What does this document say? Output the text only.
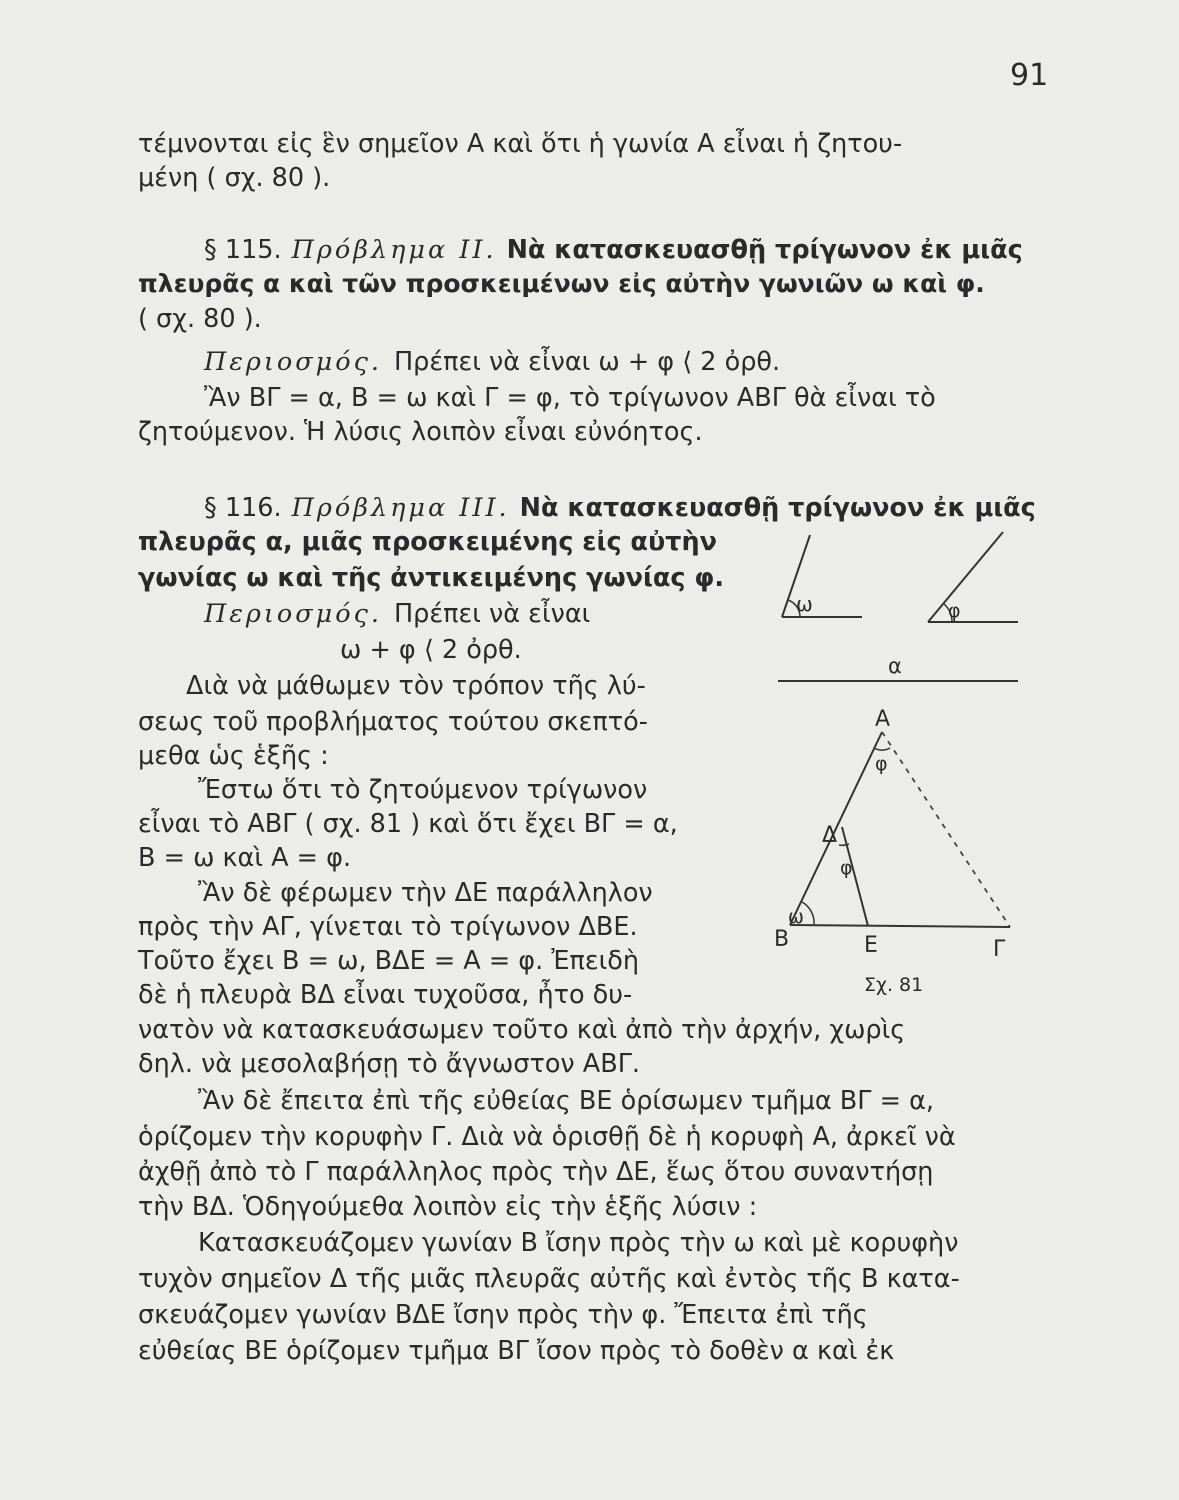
91
τέμνονται εἰς ἓν σημεῖον Α καὶ ὅτι ἡ γωνία Α εἶναι ἡ ζητου-
μένη ( σχ. 80 ).
§ 115. Πρόβλημα II. Νὰ κατασκευασθῇ τρίγωνον ἐκ μιᾶς
πλευρᾶς α καὶ τῶν προσκειμένων εἰς αὐτὴν γωνιῶν ω καὶ φ.
( σχ. 80 ).
Περιοσμός. Πρέπει νὰ εἶναι ω + φ ⟨ 2 ὀρθ.
Ἂν ΒΓ = α, Β = ω καὶ Γ = φ, τὸ τρίγωνον ΑΒΓ θὰ εἶναι τὸ
ζητούμενον. Ἡ λύσις λοιπὸν εἶναι εὐνόητος.
§ 116. Πρόβλημα III. Νὰ κατασκευασθῇ τρίγωνον ἐκ μιᾶς
πλευρᾶς α, μιᾶς προσκειμένης εἰς αὐτὴν
γωνίας ω καὶ τῆς ἀντικειμένης γωνίας φ.
Περιοσμός. Πρέπει νὰ εἶναι
ω + φ ⟨ 2 ὀρθ.
Διὰ νὰ μάθωμεν τὸν τρόπον τῆς λύ-
σεως τοῦ προβλήματος τούτου σκεπτό-
μεθα ὡς ἑξῆς :
Ἔστω ὅτι τὸ ζητούμενον τρίγωνον
εἶναι τὸ ΑΒΓ ( σχ. 81 ) καὶ ὅτι ἔχει ΒΓ = α,
Β = ω καὶ Α = φ.
Ἂν δὲ φέρωμεν τὴν ΔΕ παράλληλον
πρὸς τὴν ΑΓ, γίνεται τὸ τρίγωνον ΔΒΕ.
Τοῦτο ἔχει Β = ω, ΒΔΕ = Α = φ. Ἐπειδὴ
δὲ ἡ πλευρὰ ΒΔ εἶναι τυχοῦσα, ἦτο δυ-
νατὸν νὰ κατασκευάσωμεν τοῦτο καὶ ἀπὸ τὴν ἀρχήν, χωρὶς
δηλ. νὰ μεσολαβήσῃ τὸ ἄγνωστον ΑΒΓ.
Ἂν δὲ ἔπειτα ἐπὶ τῆς εὐθείας ΒΕ ὁρίσωμεν τμῆμα ΒΓ = α,
ὁρίζομεν τὴν κορυφὴν Γ. Διὰ νὰ ὁρισθῇ δὲ ἡ κορυφὴ Α, ἀρκεῖ νὰ
ἀχθῇ ἀπὸ τὸ Γ παράλληλος πρὸς τὴν ΔΕ, ἕως ὅτου συναντήσῃ
τὴν ΒΔ. Ὁδηγούμεθα λοιπὸν εἰς τὴν ἑξῆς λύσιν :
Κατασκευάζομεν γωνίαν Β ἴσην πρὸς τὴν ω καὶ μὲ κορυφὴν
τυχὸν σημεῖον Δ τῆς μιᾶς πλευρᾶς αὐτῆς καὶ ἐντὸς τῆς Β κατα-
σκευάζομεν γωνίαν ΒΔΕ ἴσην πρὸς τὴν φ. Ἔπειτα ἐπὶ τῆς
εὐθείας ΒΕ ὁρίζομεν τμῆμα ΒΓ ἴσον πρὸς τὸ δοθὲν α καὶ ἐκ
ω	φ
α
Α
φ
Δ
φ
ω
Β	Ε	Γ
Σχ. 81
